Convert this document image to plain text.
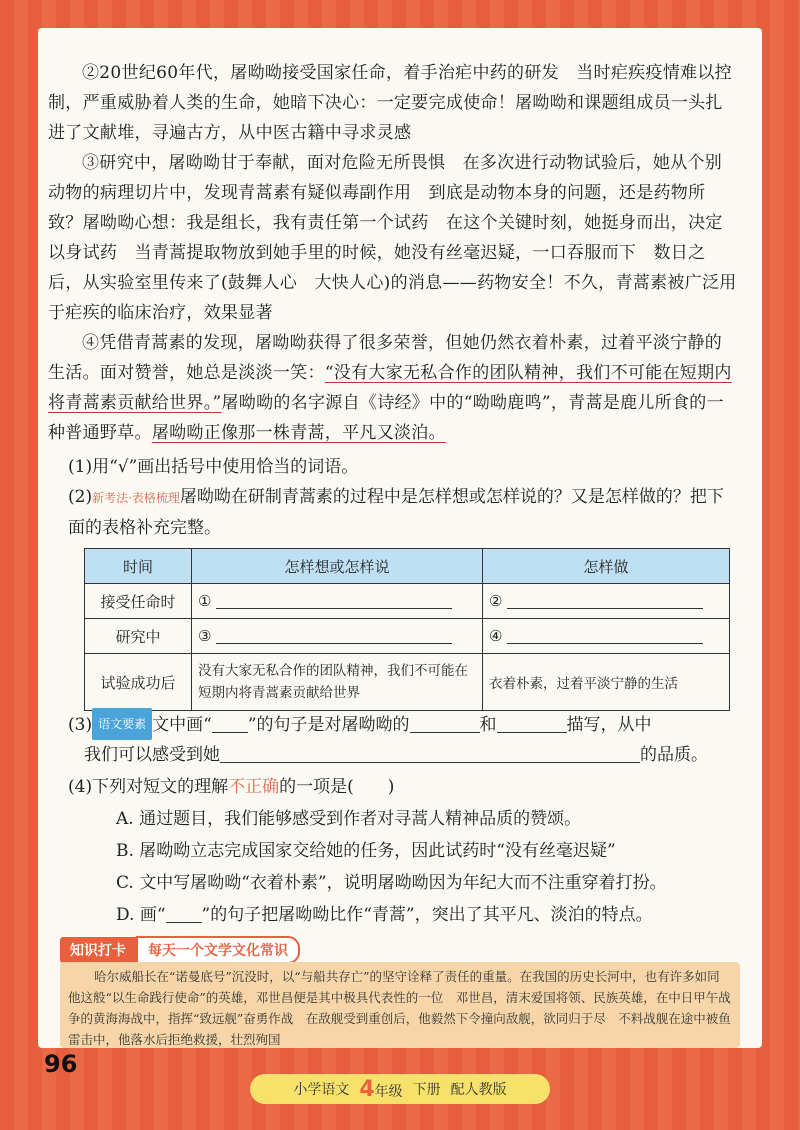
②20世纪60年代，屠呦呦接受国家任命，着手治疟中药的研发　当时疟疾疫情难以控制，严重威胁着人类的生命，她暗下决心：一定要完成使命！屠呦呦和课题组成员一头扎进了文献堆，寻遍古方，从中医古籍中寻求灵感

③研究中，屠呦呦甘于奉献，面对危险无所畏惧　在多次进行动物试验后，她从个别动物的病理切片中，发现青蒿素有疑似毒副作用　到底是动物本身的问题，还是药物所致？屠呦呦心想：我是组长，我有责任第一个试药　在这个关键时刻，她挺身而出，决定以身试药　当青蒿提取物放到她手里的时候，她没有丝毫迟疑，一口吞服而下　数日之后，从实验室里传来了(鼓舞人心　大快人心)的消息——药物安全！不久，青蒿素被广泛用于疟疾的临床治疗，效果显著

④凭借青蒿素的发现，屠呦呦获得了很多荣誉，但她仍然衣着朴素，过着平淡宁静的生活。面对赞誉，她总是淡淡一笑：“没有大家无私合作的团队精神，我们不可能在短期内将青蒿素贡献给世界。”屠呦呦的名字源自《诗经》中的“呦呦鹿鸣”，青蒿是鹿儿所食的一种普通野草。屠呦呦正像那一株青蒿，平凡又淡泊。

(1)用“√”画出括号中使用恰当的词语。

(2)新考法·表格梳理屠呦呦在研制青蒿素的过程中是怎样想或怎样说的？又是怎样做的？把下面的表格补充完整。

时间	怎样想或怎样说	怎样做
接受任命时	①	②
研究中	③	④
试验成功后	没有大家无私合作的团队精神，我们不可能在短期内将青蒿素贡献给世界	衣着朴素，过着平淡宁静的生活

(3) 语文要素 文中画“ ”的句子是对屠呦呦的	和	描写，从中

我们可以感受到她	的品质。

(4)下列对短文的理解不正确的一项是(　　)

A. 通过题目，我们能够感受到作者对寻蒿人精神品质的赞颂。

B. 屠呦呦立志完成国家交给她的任务，因此试药时“没有丝毫迟疑”

C. 文中写屠呦呦“衣着朴素”，说明屠呦呦因为年纪大而不注重穿着打扮。

D. 画“ ”的句子把屠呦呦比作“青蒿”，突出了其平凡、淡泊的特点。

知识打卡	每天一个文学文化常识
哈尔威船长在“诺曼底号”沉没时，以“与船共存亡”的坚守诠释了责任的重量。在我国的历史长河中，也有许多如同他这般“以生命践行使命”的英雄，邓世昌便是其中极具代表性的一位　邓世昌，清末爱国将领、民族英雄，在中日甲午战争的黄海海战中，指挥“致远舰”奋勇作战　在敌舰受到重创后，他毅然下令撞向敌舰，欲同归于尽　不料战舰在途中被鱼雷击中，他落水后拒绝救援，壮烈殉国
96
小学语文 4年级 下册 配人教版
